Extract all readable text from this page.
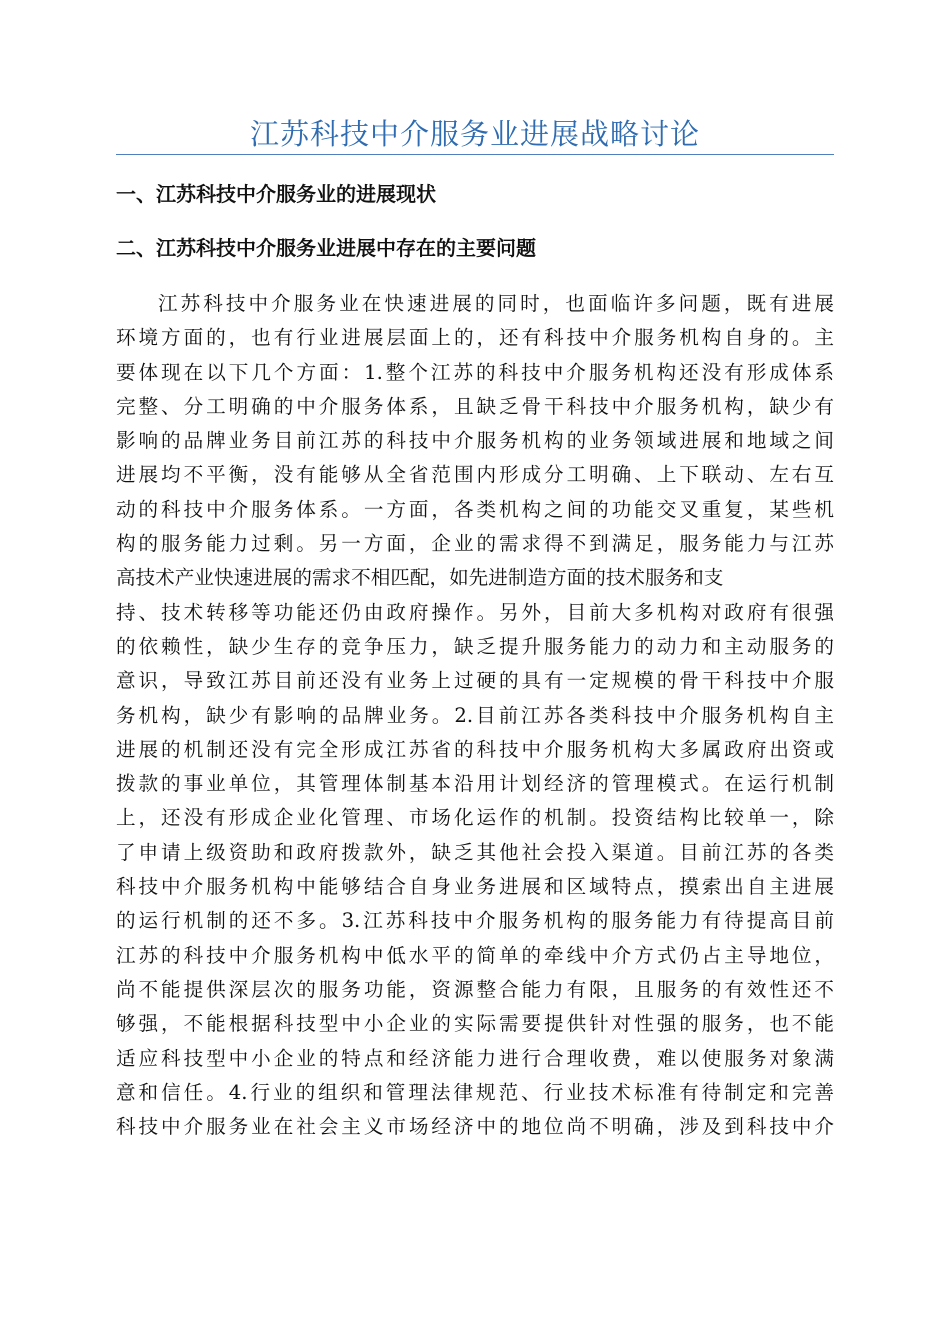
江苏科技中介服务业进展战略讨论
一、江苏科技中介服务业的进展现状
二、江苏科技中介服务业进展中存在的主要问题
江苏科技中介服务业在快速进展的同时，也面临许多问题，既有进展
环境方面的，也有行业进展层面上的，还有科技中介服务机构自身的。主
要体现在以下几个方面：1.整个江苏的科技中介服务机构还没有形成体系
完整、分工明确的中介服务体系，且缺乏骨干科技中介服务机构，缺少有
影响的品牌业务目前江苏的科技中介服务机构的业务领域进展和地域之间
进展均不平衡，没有能够从全省范围内形成分工明确、上下联动、左右互
动的科技中介服务体系。一方面，各类机构之间的功能交叉重复，某些机
构的服务能力过剩。另一方面，企业的需求得不到满足，服务能力与江苏
高技术产业快速进展的需求不相匹配，如先进制造方面的技术服务和支
持、技术转移等功能还仍由政府操作。另外，目前大多机构对政府有很强
的依赖性，缺少生存的竞争压力，缺乏提升服务能力的动力和主动服务的
意识，导致江苏目前还没有业务上过硬的具有一定规模的骨干科技中介服
务机构，缺少有影响的品牌业务。2.目前江苏各类科技中介服务机构自主
进展的机制还没有完全形成江苏省的科技中介服务机构大多属政府出资或
拨款的事业单位，其管理体制基本沿用计划经济的管理模式。在运行机制
上，还没有形成企业化管理、市场化运作的机制。投资结构比较单一，除
了申请上级资助和政府拨款外，缺乏其他社会投入渠道。目前江苏的各类
科技中介服务机构中能够结合自身业务进展和区域特点，摸索出自主进展
的运行机制的还不多。3.江苏科技中介服务机构的服务能力有待提高目前
江苏的科技中介服务机构中低水平的简单的牵线中介方式仍占主导地位，
尚不能提供深层次的服务功能，资源整合能力有限，且服务的有效性还不
够强，不能根据科技型中小企业的实际需要提供针对性强的服务，也不能
适应科技型中小企业的特点和经济能力进行合理收费，难以使服务对象满
意和信任。4.行业的组织和管理法律规范、行业技术标准有待制定和完善
科技中介服务业在社会主义市场经济中的地位尚不明确，涉及到科技中介
